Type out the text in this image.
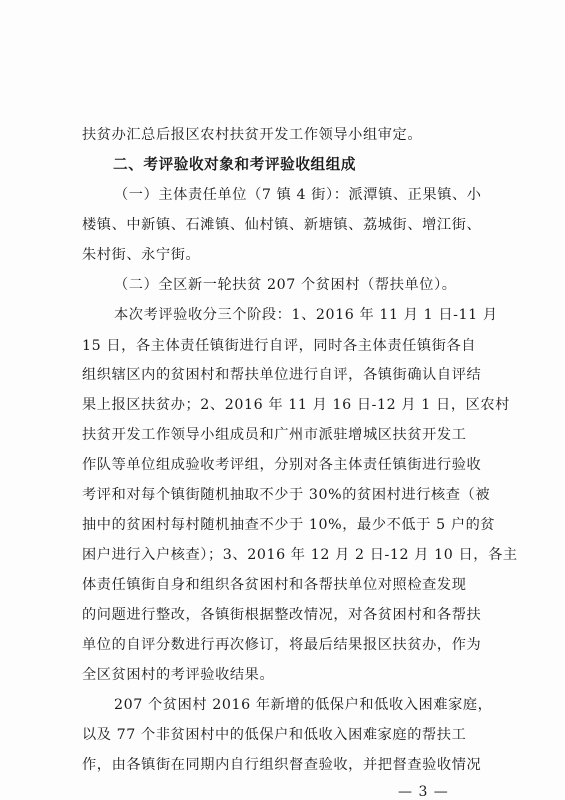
扶贫办汇总后报区农村扶贫开发工作领导小组审定。
二、考评验收对象和考评验收组组成
（一）主体责任单位（7 镇 4 街）：派潭镇、正果镇、小
楼镇、中新镇、石滩镇、仙村镇、新塘镇、荔城街、增江街、
朱村街、永宁街。
（二）全区新一轮扶贫 207 个贫困村（帮扶单位）。
本次考评验收分三个阶段：1、2016 年 11 月 1 日-11 月
15 日，各主体责任镇街进行自评，同时各主体责任镇街各自
组织辖区内的贫困村和帮扶单位进行自评，各镇街确认自评结
果上报区扶贫办；2、2016 年 11 月 16 日-12 月 1 日，区农村
扶贫开发工作领导小组成员和广州市派驻增城区扶贫开发工
作队等单位组成验收考评组，分别对各主体责任镇街进行验收
考评和对每个镇街随机抽取不少于 30%的贫困村进行核查（被
抽中的贫困村每村随机抽查不少于 10%，最少不低于 5 户的贫
困户进行入户核查）；3、2016 年 12 月 2 日-12 月 10 日，各主
体责任镇街自身和组织各贫困村和各帮扶单位对照检查发现
的问题进行整改，各镇街根据整改情况，对各贫困村和各帮扶
单位的自评分数进行再次修订，将最后结果报区扶贫办，作为
全区贫困村的考评验收结果。
207 个贫困村 2016 年新增的低保户和低收入困难家庭，
以及 77 个非贫困村中的低保户和低收入困难家庭的帮扶工
作，由各镇街在同期内自行组织督查验收，并把督查验收情况
— 3 —
